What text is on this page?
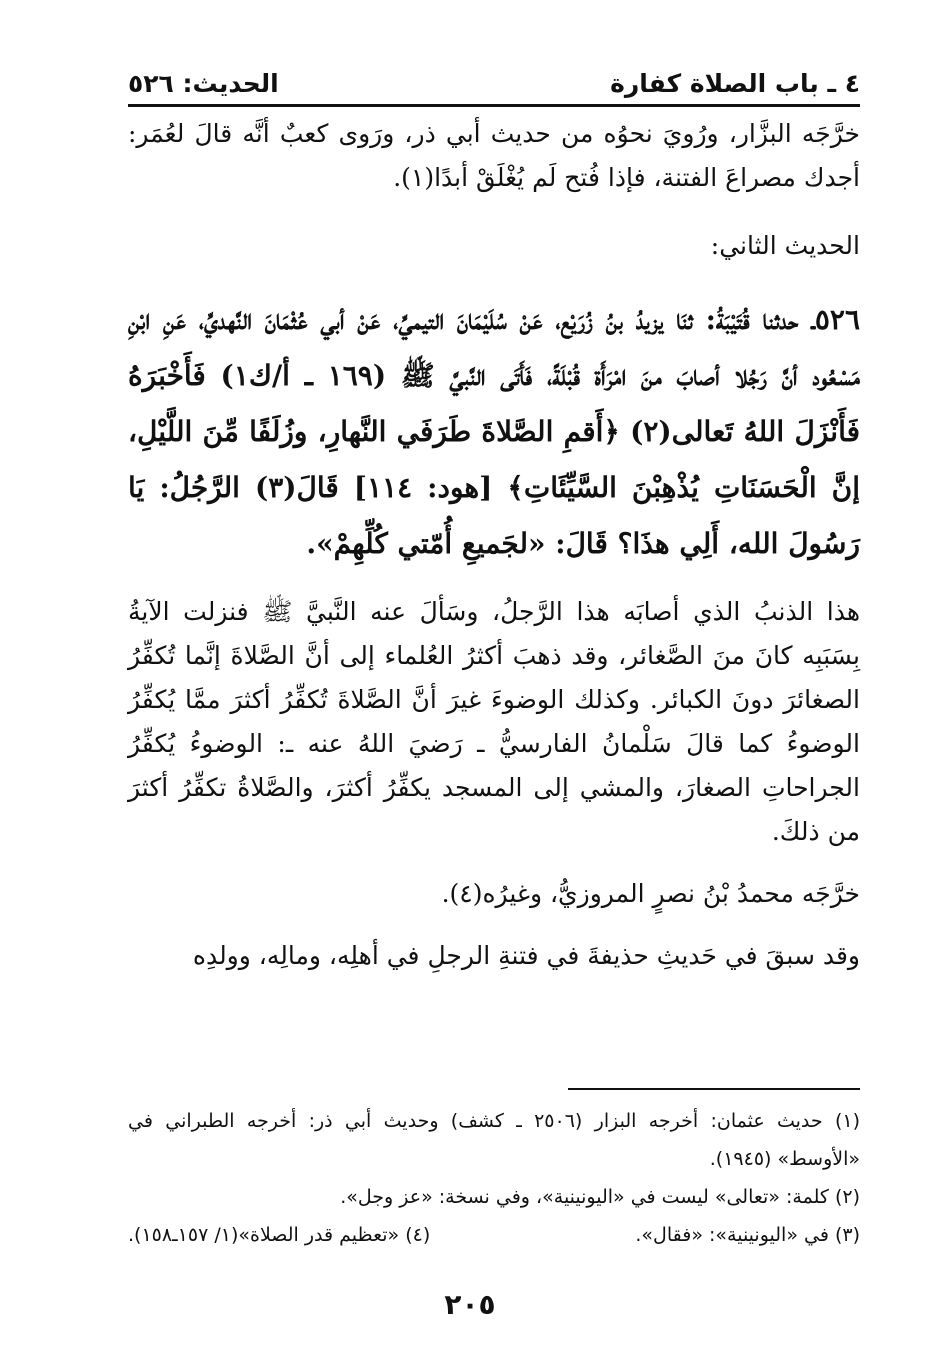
٤ ـ باب الصلاة كفارة
الحديث: ٥٢٦

خرَّجَه البزَّار، ورُويَ نحوُه من حديث أبي ذر، ورَوى كعبٌ أنَّه قالَ لعُمَر: أجدك مصراعَ الفتنة، فإذا فُتح لَم يُغْلَقْ أبدًا(١).

الحديث الثاني:

٥٢٦ـ حدثنا قُتَيْبَةُ: ثنَا يزيدُ بنُ زُرَيْع، عَنْ سُلَيْمَانَ التيميِّ، عَنْ أبي عُثْمَانَ النَّهديِّ، عَنِ ابْنِ مَسْعُود أنَّ رَجُلا أصابَ منَ امْرَأَة قُبْلَةً، فَأَتَى النَّبيَّ ﷺ (١٦٩ ـ أ/ك١) فَأَخْبَرَهُ فَأَنْزَلَ اللهُ تَعالى(٢) ﴿أَقمِ الصَّلاةَ طَرَفَي النَّهارِ، وزُلَفًا مِّنَ اللَّيْلِ، إنَّ الْحَسَنَاتِ يُذْهِبْنَ السَّيِّئَاتِ﴾ [هود: ١١٤] قَالَ(٣) الرَّجُلُ: يَا رَسُولَ الله، أَلِي هذَا؟ قَالَ: «لجَميعِ أُمّتي كُلِّهِمْ».

هذا الذنبُ الذي أصابَه هذا الرَّجلُ، وسَألَ عنه النَّبيَّ ﷺ فنزلت الآيةُ بِسَبَبِه كانَ منَ الصَّغائر، وقد ذهبَ أكثرُ العُلماء إلى أنَّ الصَّلاةَ إنَّما تُكفِّرُ الصغائرَ دونَ الكبائر. وكذلك الوضوءَ غيرَ أنَّ الصَّلاةَ تُكفِّرُ أكثرَ ممَّا يُكفِّرُ الوضوءُ كما قالَ سَلْمانُ الفارسيُّ ـ رَضيَ اللهُ عنه ـ: الوضوءُ يُكفِّرُ الجراحاتِ الصغارَ، والمشي إلى المسجد يكفِّرُ أكثرَ، والصَّلاةُ تكفِّرُ أكثرَ من ذلكَ.

خرَّجَه محمدُ بْنُ نصرٍ المروزيُّ، وغيرُه(٤).

وقد سبقَ في حَديثِ حذيفةَ في فتنةِ الرجلِ في أهلِه، ومالِه، وولدِه

(١) حديث عثمان: أخرجه البزار (٢٥٠٦ ـ كشف) وحديث أبي ذر: أخرجه الطبراني في «الأوسط» (١٩٤٥).

(٢) كلمة: «تعالى» ليست في «اليونينية»، وفي نسخة: «عز وجل».

(٣) في «اليونينية»: «فقال».
(٤) «تعظيم قدر الصلاة»(١/ ١٥٧ـ١٥٨).
٢٠٥
